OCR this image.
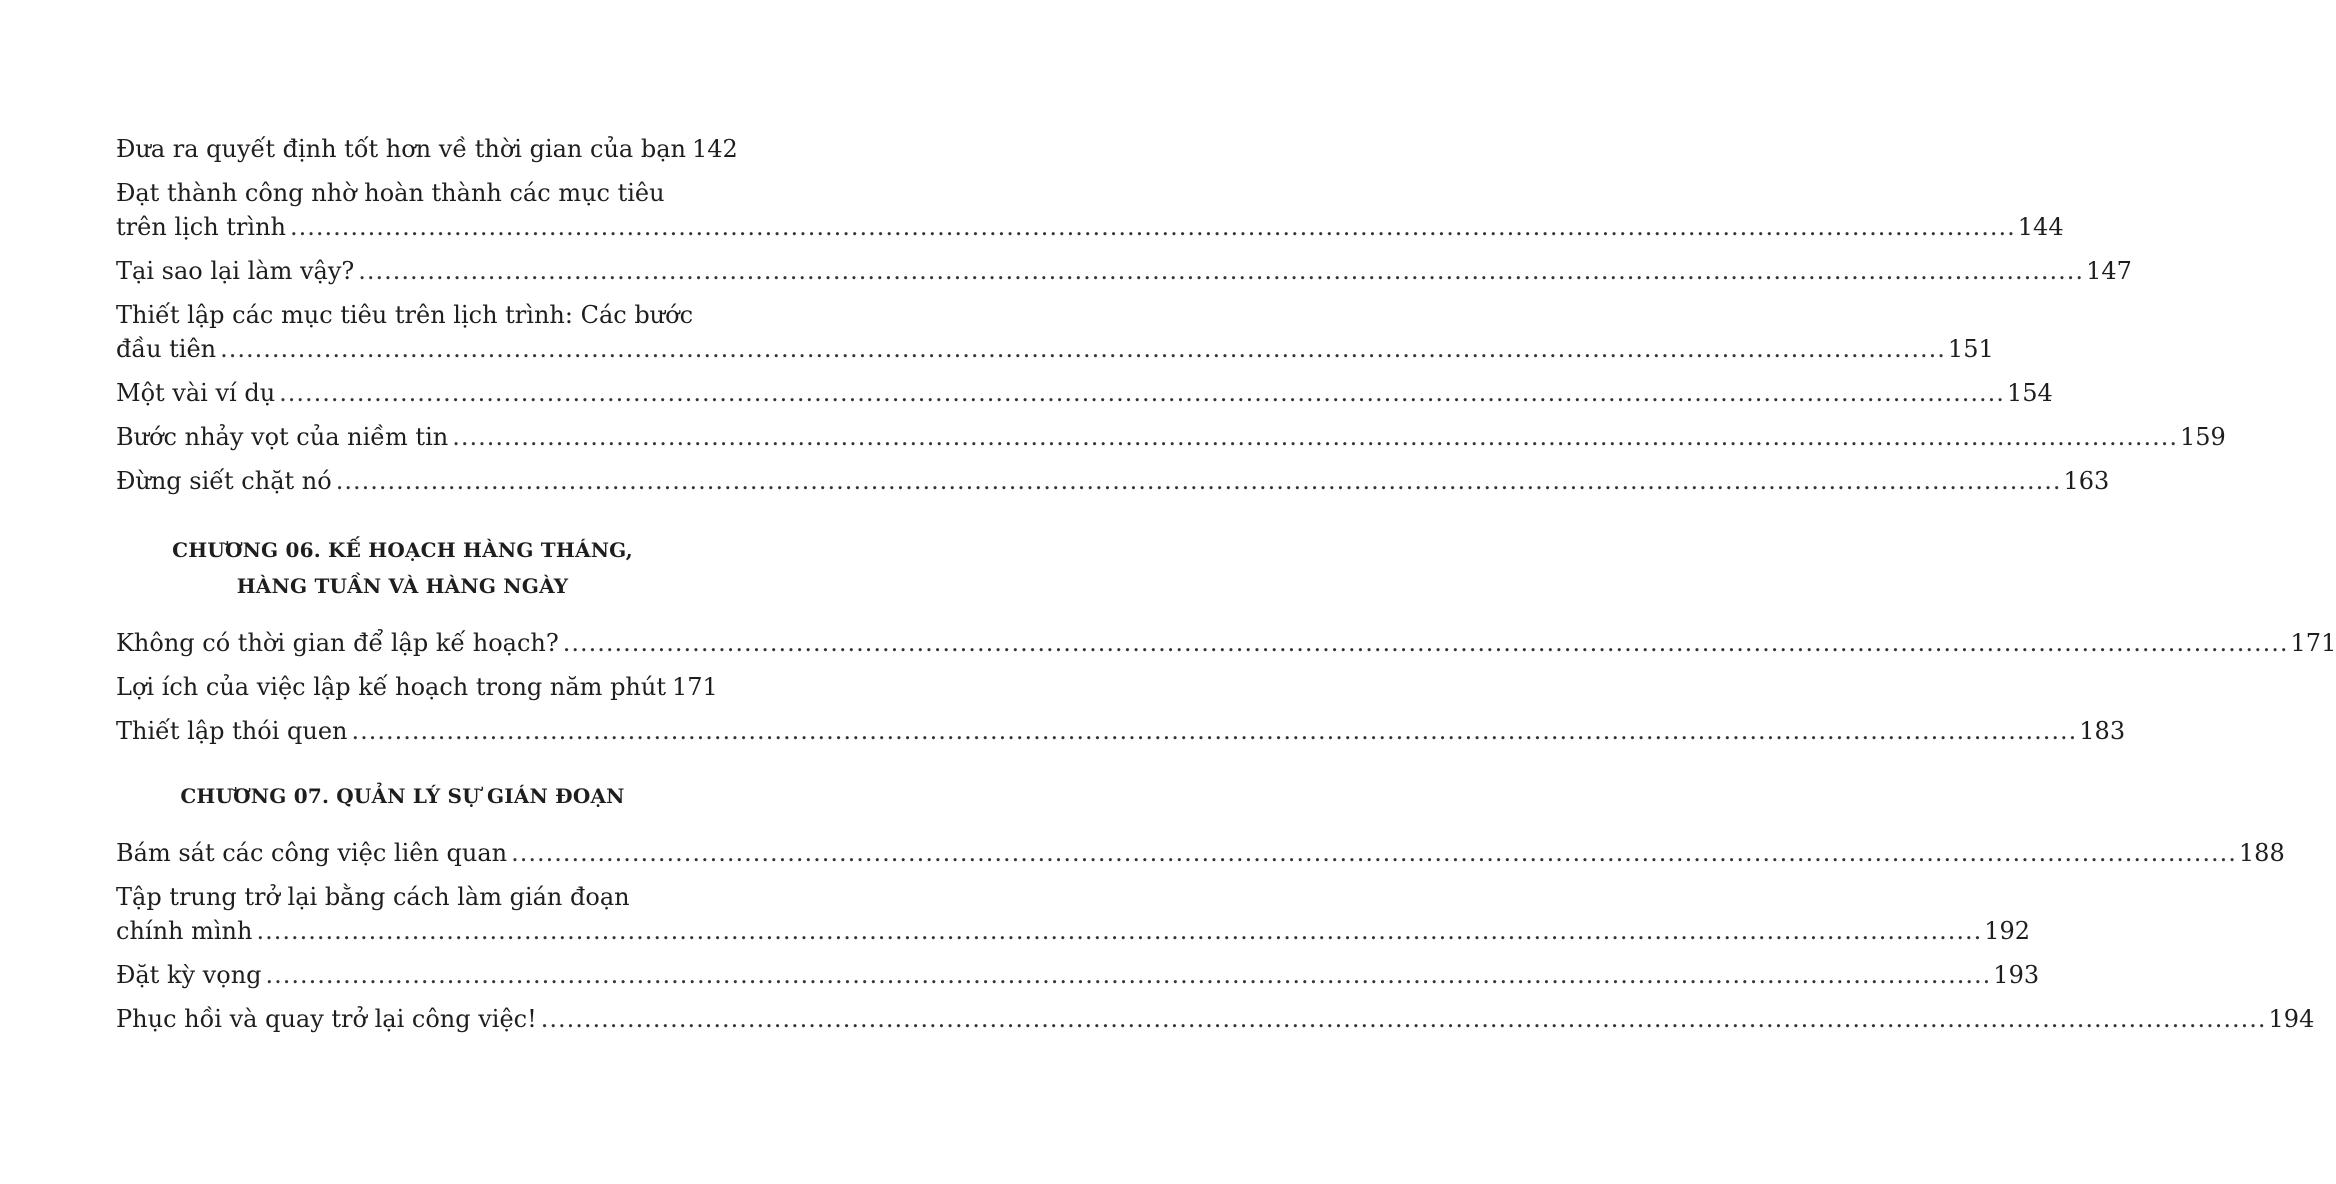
Đưa ra quyết định tốt hơn về thời gian của bạn 142
Đạt thành công nhờ hoàn thành các mục tiêu
trên lịch trình ........................................................................................................................................................................................................ 144
Tại sao lại làm vậy? ........................................................................................................................................................................................................ 147
Thiết lập các mục tiêu trên lịch trình: Các bước
đầu tiên ........................................................................................................................................................................................................ 151
Một vài ví dụ ........................................................................................................................................................................................................ 154
Bước nhảy vọt của niềm tin ........................................................................................................................................................................................................ 159
Đừng siết chặt nó ........................................................................................................................................................................................................ 163
CHƯƠNG 06. KẾ HOẠCH HÀNG THÁNG,
HÀNG TUẦN VÀ HÀNG NGÀY
Không có thời gian để lập kế hoạch? ........................................................................................................................................................................................................ 171
Lợi ích của việc lập kế hoạch trong năm phút 171
Thiết lập thói quen ........................................................................................................................................................................................................ 183
CHƯƠNG 07. QUẢN LÝ SỰ GIÁN ĐOẠN
Bám sát các công việc liên quan ........................................................................................................................................................................................................ 188
Tập trung trở lại bằng cách làm gián đoạn
chính mình ........................................................................................................................................................................................................ 192
Đặt kỳ vọng ........................................................................................................................................................................................................ 193
Phục hồi và quay trở lại công việc! ........................................................................................................................................................................................................ 194
